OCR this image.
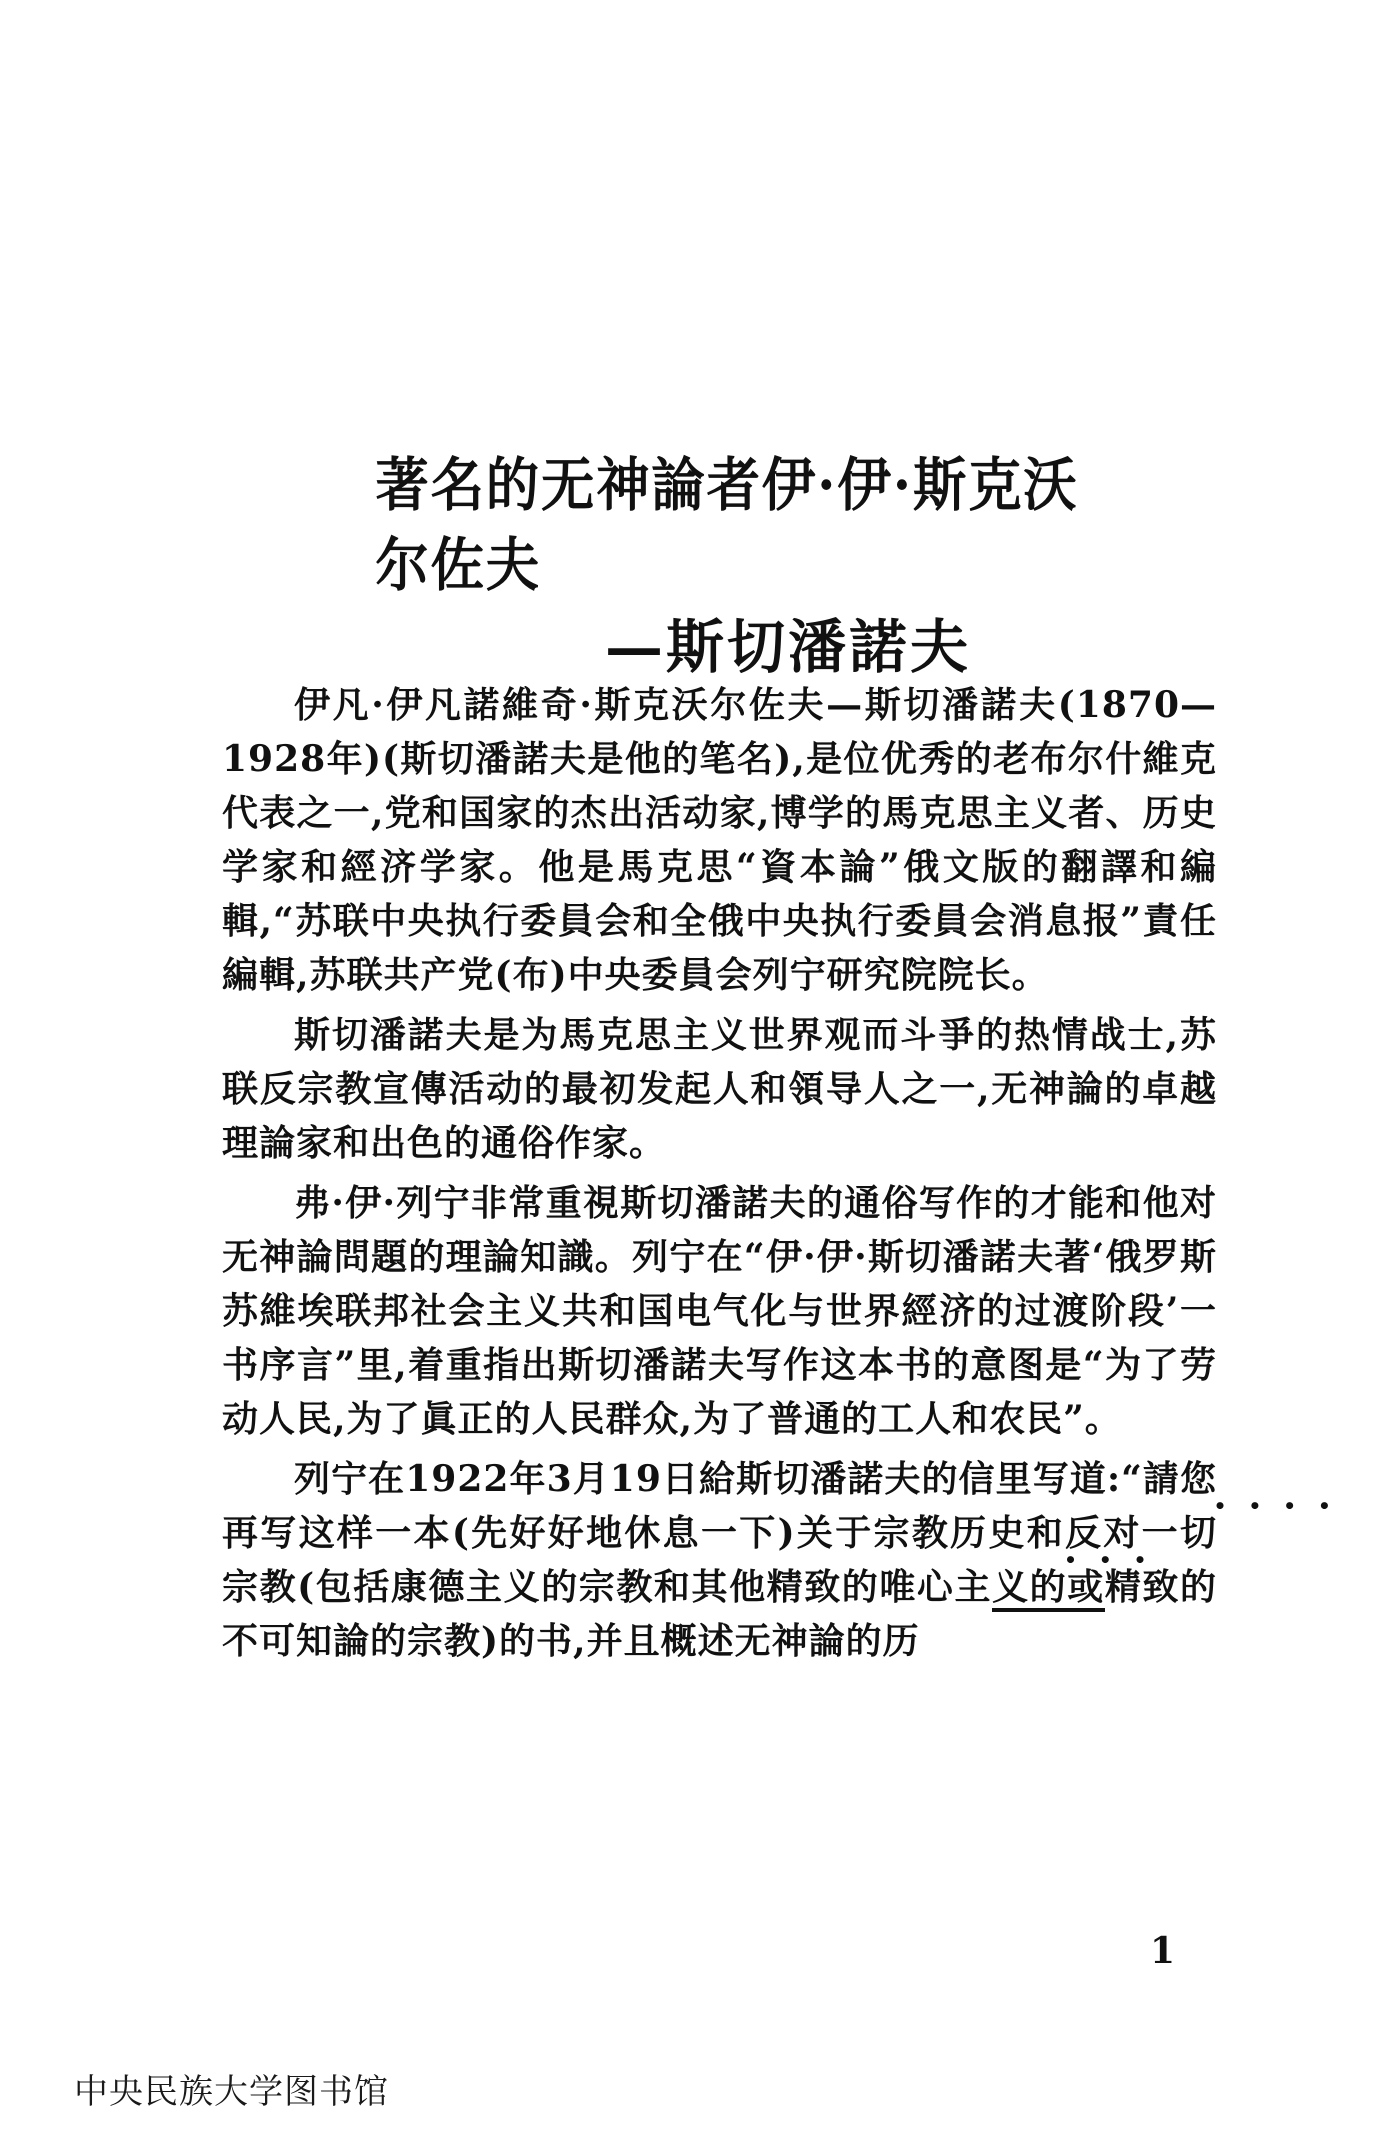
著名的无神論者伊·伊·斯克沃尔佐夫
—斯切潘諾夫

伊凡·伊凡諾維奇·斯克沃尔佐夫—斯切潘諾夫(1870—1928年)(斯切潘諾夫是他的笔名),是位优秀的老布尔什維克代表之一,党和国家的杰出活动家,博学的馬克思主义者、历史学家和經济学家。他是馬克思“資本論”俄文版的翻譯和編輯,“苏联中央执行委員会和全俄中央执行委員会消息报”責任編輯,苏联共产党(布)中央委員会列宁研究院院长。

斯切潘諾夫是为馬克思主义世界观而斗爭的热情战士,苏联反宗教宣傳活动的最初发起人和領导人之一,无神論的卓越理論家和出色的通俗作家。

弗·伊·列宁非常重視斯切潘諾夫的通俗写作的才能和他对无神論問題的理論知識。列宁在“伊·伊·斯切潘諾夫著‘俄罗斯苏維埃联邦社会主义共和国电气化与世界經济的过渡阶段’一书序言”里,着重指出斯切潘諾夫写作这本书的意图是“为了劳动人民,为了眞正的人民群众,为了普通的工人和农民”。

列宁在1922年3月19日給斯切潘諾夫的信里写道:“請您再写这样一本(先好好地休息一下)关于宗教历史和反对
••••
一切宗教(包括康德主义的宗教和其他精致的唯心主
•••
义的或
精致的不可知論的宗教)的书,并且概述无神論的历

1
中央民族大学图书馆
